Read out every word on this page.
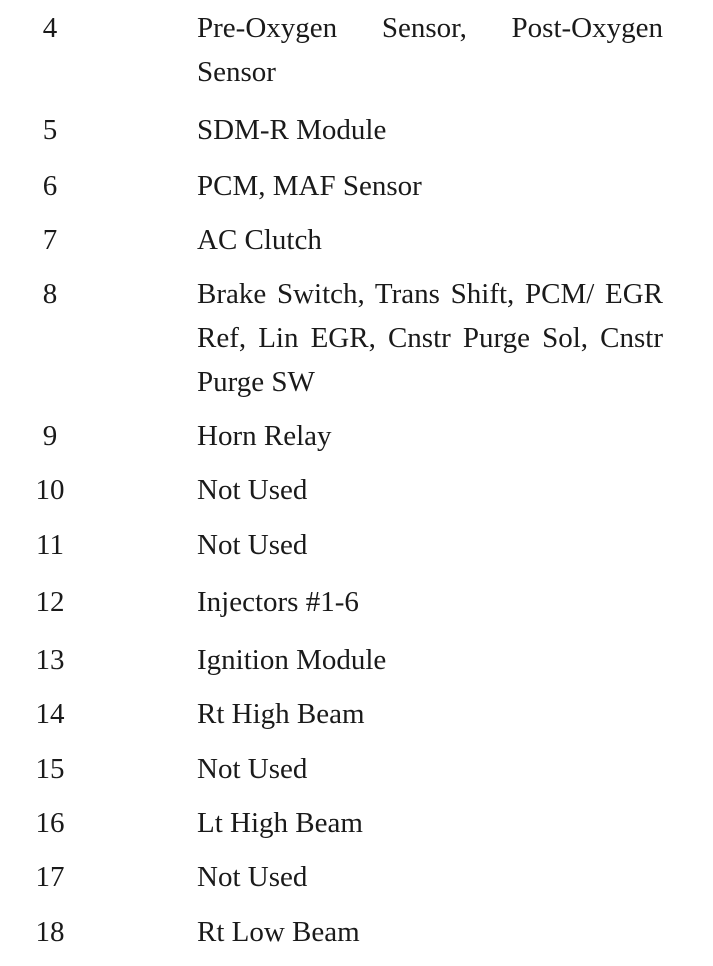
4	Pre-Oxygen Sensor, Post-Oxygen Sensor
5	SDM-R Module
6	PCM, MAF Sensor
7	AC Clutch
8	Brake Switch, Trans Shift, PCM/ EGR Ref, Lin EGR, Cnstr Purge Sol, Cnstr Purge SW
9	Horn Relay
10	Not Used
11	Not Used
12	Injectors #1-6
13	Ignition Module
14	Rt High Beam
15	Not Used
16	Lt High Beam
17	Not Used
18	Rt Low Beam
